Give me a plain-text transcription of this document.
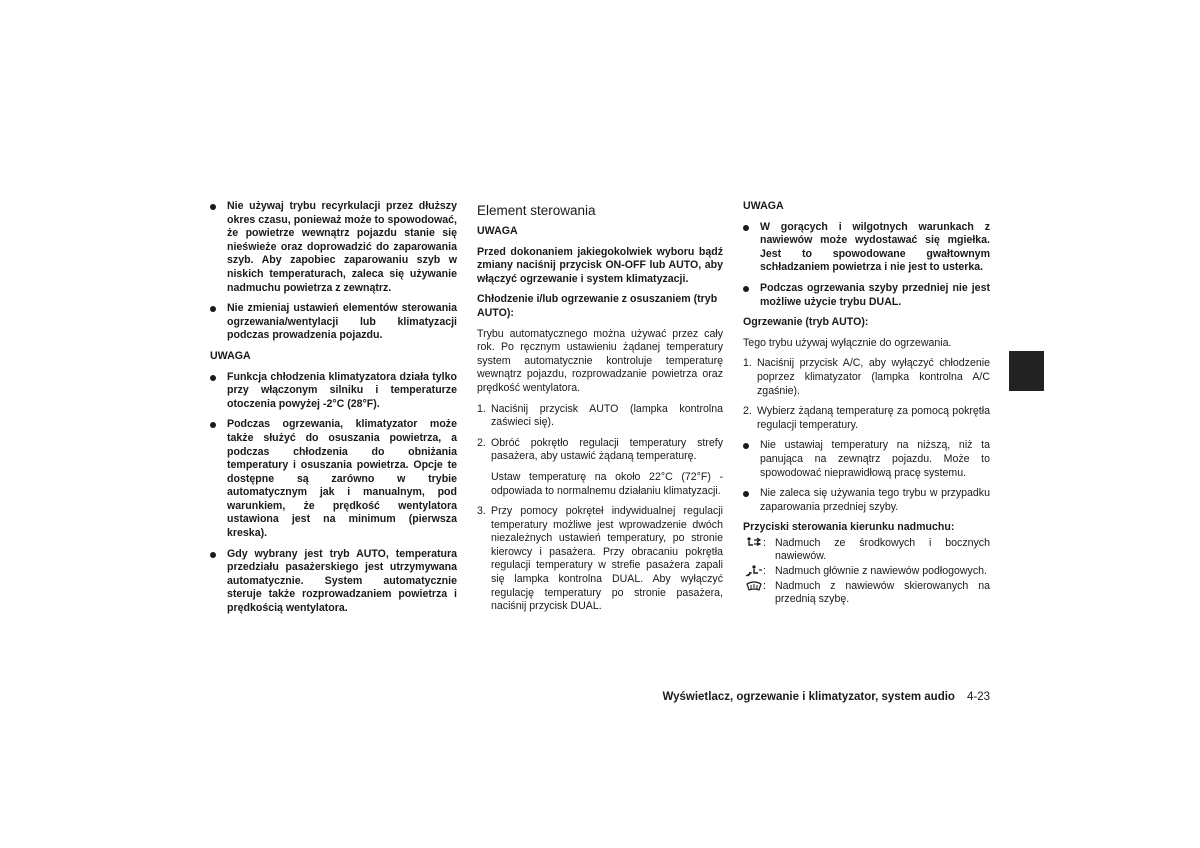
Nie używaj trybu recyrkulacji przez dłuższy okres czasu, ponieważ może to spowodować, że powietrze wewnątrz pojazdu stanie się nieświeże oraz doprowadzić do zaparowania szyb. Aby zapobiec zaparowaniu szyb w niskich temperaturach, zaleca się używanie nadmuchu powietrza z zewnątrz.
Nie zmieniaj ustawień elementów sterowania ogrzewania/wentylacji lub klimatyzacji podczas prowadzenia pojazdu.
UWAGA
Funkcja chłodzenia klimatyzatora działa tylko przy włączonym silniku i temperaturze otoczenia powyżej -2°C (28°F).
Podczas ogrzewania, klimatyzator może także służyć do osuszania powietrza, a podczas chłodzenia do obniżania temperatury i osuszania powietrza. Opcje te dostępne są zarówno w trybie automatycznym jak i manualnym, pod warunkiem, że prędkość wentylatora ustawiona jest na minimum (pierwsza kreska).
Gdy wybrany jest tryb AUTO, temperatura przedziału pasażerskiego jest utrzymywana automatycznie. System automatycznie steruje także rozprowadzaniem powietrza i prędkością wentylatora.
Element sterowania
UWAGA
Przed dokonaniem jakiegokolwiek wyboru bądź zmiany naciśnij przycisk ON-OFF lub AUTO, aby włączyć ogrzewanie i system klimatyzacji.
Chłodzenie i/lub ogrzewanie z osuszaniem (tryb AUTO):
Trybu automatycznego można używać przez cały rok. Po ręcznym ustawieniu żądanej temperatury system automatycznie kontroluje temperaturę wewnątrz pojazdu, rozprowadzanie powietrza oraz prędkość wentylatora.
1. Naciśnij przycisk AUTO (lampka kontrolna zaświeci się).
2. Obróć pokrętło regulacji temperatury strefy pasażera, aby ustawić żądaną temperaturę.
Ustaw temperaturę na około 22°C (72°F) - odpowiada to normalnemu działaniu klimatyzacji.
3. Przy pomocy pokręteł indywidualnej regulacji temperatury możliwe jest wprowadzenie dwóch niezależnych ustawień temperatury, po stronie kierowcy i pasażera. Przy obracaniu pokrętła regulacji temperatury w strefie pasażera zapali się lampka kontrolna DUAL. Aby wyłączyć regulację temperatury po stronie pasażera, naciśnij przycisk DUAL.
UWAGA
W gorących i wilgotnych warunkach z nawiewów może wydostawać się mgiełka. Jest to spowodowane gwałtownym schładzaniem powietrza i nie jest to usterka.
Podczas ogrzewania szyby przedniej nie jest możliwe użycie trybu DUAL.
Ogrzewanie (tryb AUTO):
Tego trybu używaj wyłącznie do ogrzewania.
1. Naciśnij przycisk A/C, aby wyłączyć chłodzenie poprzez klimatyzator (lampka kontrolna A/C zgaśnie).
2. Wybierz żądaną temperaturę za pomocą pokrętła regulacji temperatury.
Nie ustawiaj temperatury na niższą, niż ta panująca na zewnątrz pojazdu. Może to spowodować nieprawidłową pracę systemu.
Nie zaleca się używania tego trybu w przypadku zaparowania przedniej szyby.
Przyciski sterowania kierunku nadmuchu:
: Nadmuch ze środkowych i bocznych nawiewów.
: Nadmuch głównie z nawiewów podłogowych.
: Nadmuch z nawiewów skierowanych na przednią szybę.
Wyświetlacz, ogrzewanie i klimatyzator, system audio 4-23
